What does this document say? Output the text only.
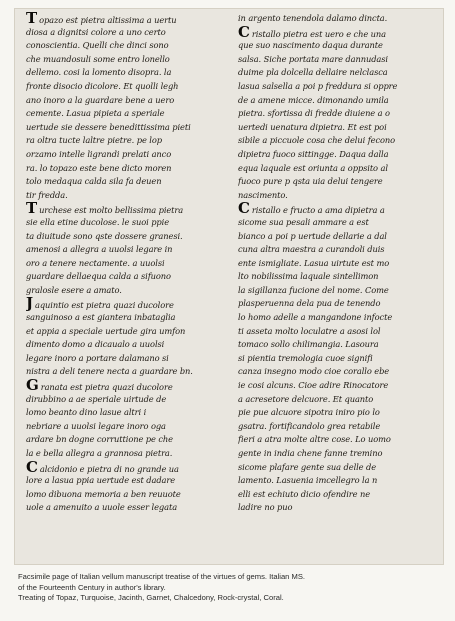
Topazo est pietra altissima a uertu
diosa a dignitsi colore a uno certo
conoscientia. Quelli che dinci sono
che muandosuli some entro lonello
dellemo. cosi la lomento disopra. la
fronte disocio dicolore. Et quolli legh
ano inoro a la guardare bene a uero
cemente. Lasua pipieta a speriale
uertude sie dessere benedittissima pieti
ra oltra tucte laltre pietre. pe lop
orzamo intelle ligrandi prelati anco
ra. lo topazo este bene dicto moren
tolo medaqua calda sila fa deuen
tir fredda.
Turchese est molto bellissima pietra
sie ella etine ducolose. le suoi ppie
ta diuitude sono qste dossere granesi.
amenosi a allegra a uuolsi legare in
oro a tenere nectamente. a uuolsi
guardare dellaequa calda a sifuono
gralosle esere a amato.
Jaquintio est pietra quazi ducolore
sanguinoso a est giantera inbataglia
et appia a speciale uertude gira umfon
dimento domo a dicaualo a uuolsi
legare inoro a portare dalamano si
nistra a deli tenere necta a guardare bn.
Granata est pietra quazi ducolore
dirubbino a ae speriale uirtude de
lomo beanto dino lasue altri i
nebriare a uuolsi legare inoro oga
ardare bn dogne corruttione pe che
la e bella allegra a grannosa pietra.
Calcidonio e pietra di no grande ua
lore a lasua ppia uertude est dadare
lomo dibuona memoria a ben reuuote
uole a amenuito a uuole esser legata
in argento tenendola dalamo dincta.
Cristallo pietra est uero e che una
que suo nascimento daqua durante
salsa. Siche portata mare dannudasi
duime pla dolcella dellaire nelclasca
lasua salsella a poi p freddura si oppre
de a amene micce. dimonando umila
pietra. sfortissa di fredde diuiene a o
uertedi uenatura dipietra. Et est poi
sibile a piccuole cosa che delui fecono
dipietra fuoco sittingge. Daqua dalla
equa laquale est oriunta a oppsito al
fuoco pure p qsta uia delui tengere
nascimento.
Cristallo e fructo a ama dipietra a
sicome sua pesali ammare a est
bianco a poi p uertude dellarie a dal
cuna altra maestra a curandoli duis
ente ismigliate. Lasua uirtute est mo
lto nobilissima laquale sintellimon
la sigillanza fucione del nome. Come
plasperuenna dela pua de tenendo
lo homo adelle a mangandone infocte
ti asseta molto loculatre a asosi lol
tomaco sollo chilimangia. Lasoura
si pientia tremologia cuoe signifi
canza insegno modo cioe corallo ebe
ie cosi alcuns. Cioe adire Rinocatore
a acresetore delcuore. Et quanto
pie pue alcuore sipotra iniro pio lo
gsatra. fortificandolo grea retabile
fieri a atra molte altre cose. Lo uomo
gente in india chene fanne tremino
sicome plafare gente sua delle de
lamento. Lasuenia imcellegro la n
elli est echiuto dicio ofendire ne
ladire no puo
Facsimile page of Italian vellum manuscript treatise of the virtues of gems. Italian MS.
of the Fourteenth Century in author's library.
Treating of Topaz, Turquoise, Jacinth, Garnet, Chalcedony, Rock-crystal, Coral.
